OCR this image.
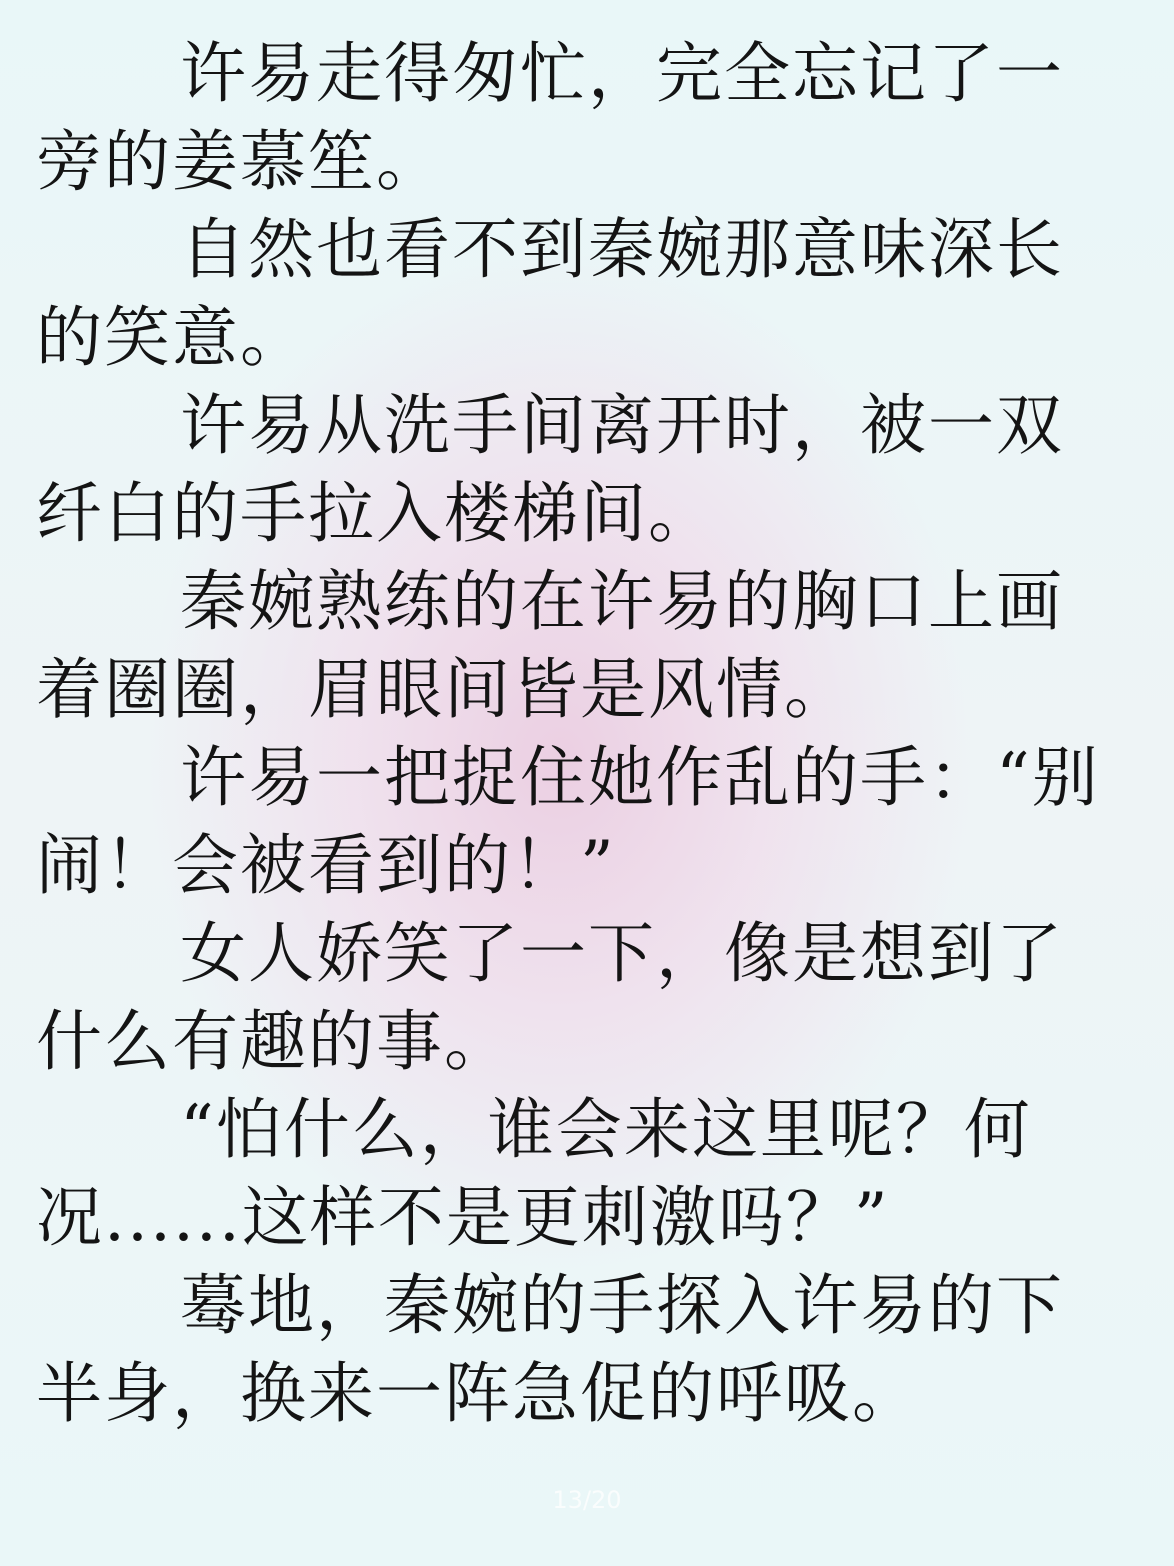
许易走得匆忙，完全忘记了一旁的姜慕笙。

自然也看不到秦婉那意味深长的笑意。

许易从洗手间离开时，被一双纤白的手拉入楼梯间。

秦婉熟练的在许易的胸口上画着圈圈，眉眼间皆是风情。

许易一把捉住她作乱的手：“别闹！会被看到的！”

女人娇笑了一下，像是想到了什么有趣的事。

“怕什么，谁会来这里呢？何况......这样不是更刺激吗？”

蓦地，秦婉的手探入许易的下半身，换来一阵急促的呼吸。

13/20
